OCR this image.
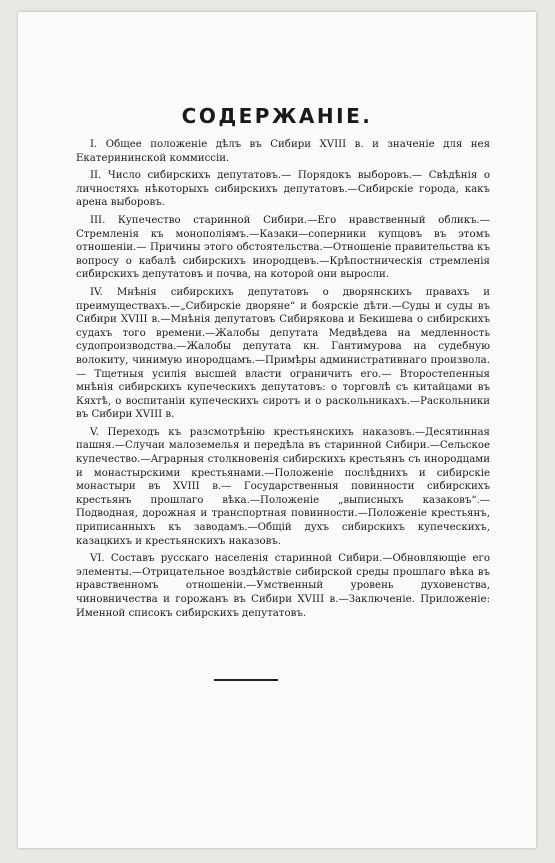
СОДЕРЖАНІЕ.

I. Общее положеніе дѣлъ въ Сибири XVIII в. и значеніе для нея Екатерининской коммиссіи.

II. Число сибирскихъ депутатовъ.— Порядокъ выборовъ.— Свѣдѣнія о личностяхъ нѣкоторыхъ сибирскихъ депутатовъ.—Сибирскіе города, какъ арена выборовъ.

III. Купечество старинной Сибири.—Его нравственный обликъ.—Стремленія къ монополіямъ.—Казаки—соперники купцовъ въ этомъ отношеніи.— Причины этого обстоятельства.—Отношеніе правительства къ вопросу о кабалѣ сибирскихъ инородцевъ.—Крѣпостническія стремленія сибирскихъ депутатовъ и почва, на которой они выросли.

IV. Мнѣнія сибирскихъ депутатовъ о дворянскихъ правахъ и преимуществахъ.—„Сибирскіе дворяне“ и боярскіе дѣти.—Суды и суды въ Сибири XVIII в.—Мнѣнія депутатовъ Сибирякова и Бекишева о сибирскихъ судахъ того времени.—Жалобы депутата Медвѣдева на медленность судопроизводства.—Жалобы депутата кн. Гантимурова на судебную волокиту, чинимую инородцамъ.—Примѣры административнаго произвола.— Тщетныя усилія высшей власти ограничить его.— Второстепенныя мнѣнія сибирскихъ купеческихъ депутатовъ: о торговлѣ съ китайцами въ Кяхтѣ, о воспитаніи купеческихъ сиротъ и о раскольникахъ.—Раскольники въ Сибири XVIII в.

V. Переходъ къ разсмотрѣнію крестьянскихъ наказовъ.—Десятинная пашня.—Случаи малоземелья и передѣла въ старинной Сибири.—Сельское купечество.—Аграрныя столкновенія сибирскихъ крестьянъ съ инородцами и монастырскими крестьянами.—Положеніе послѣднихъ и сибирскіе монастыри въ XVIII в.— Государственныя повинности сибирскихъ крестьянъ прошлаго вѣка.—Положеніе „выписныхъ казаковъ“.— Подводная, дорожная и транспортная повинности.—Положеніе крестьянъ, приписанныхъ къ заводамъ.—Общій духъ сибирскихъ купеческихъ, казацкихъ и крестьянскихъ наказовъ.

VI. Составъ русскаго населенія старинной Сибири.—Обновляющіе его элементы.—Отрицательное воздѣйствіе сибирской среды прошлаго вѣка въ нравственномъ отношеніи.—Умственный уровень духовенства, чиновничества и горожанъ въ Сибири XVIII в.—Заключеніе. Приложеніе: Именной списокъ сибирскихъ депутатовъ.
